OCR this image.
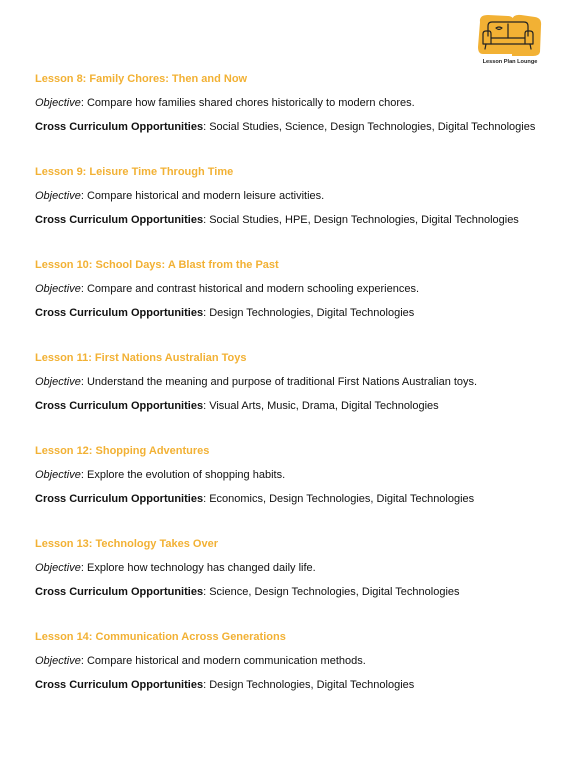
Lesson Plan Lounge
Lesson 8: Family Chores: Then and Now
Objective: Compare how families shared chores historically to modern chores.
Cross Curriculum Opportunities: Social Studies, Science, Design Technologies, Digital Technologies
Lesson 9: Leisure Time Through Time
Objective: Compare historical and modern leisure activities.
Cross Curriculum Opportunities: Social Studies, HPE, Design Technologies, Digital Technologies
Lesson 10: School Days: A Blast from the Past
Objective: Compare and contrast historical and modern schooling experiences.
Cross Curriculum Opportunities: Design Technologies, Digital Technologies
Lesson 11: First Nations Australian Toys
Objective: Understand the meaning and purpose of traditional First Nations Australian toys.
Cross Curriculum Opportunities: Visual Arts, Music, Drama, Digital Technologies
Lesson 12: Shopping Adventures
Objective: Explore the evolution of shopping habits.
Cross Curriculum Opportunities: Economics, Design Technologies, Digital Technologies
Lesson 13: Technology Takes Over
Objective: Explore how technology has changed daily life.
Cross Curriculum Opportunities: Science, Design Technologies, Digital Technologies
Lesson 14: Communication Across Generations
Objective: Compare historical and modern communication methods.
Cross Curriculum Opportunities: Design Technologies, Digital Technologies
